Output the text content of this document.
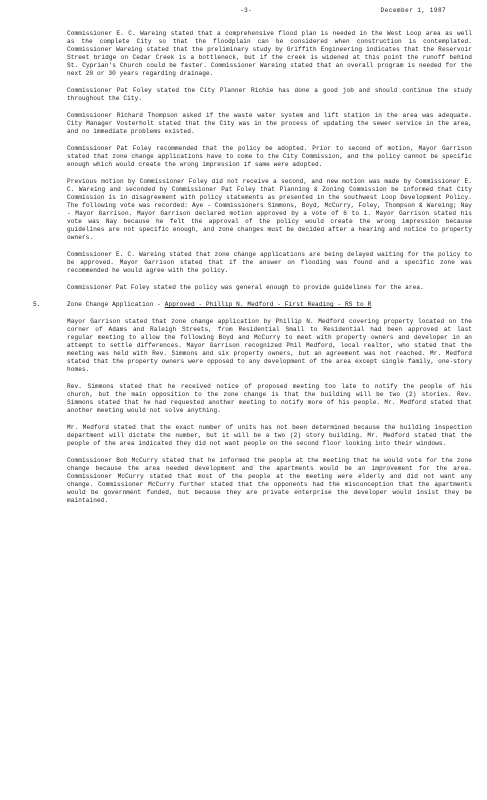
-3-	December 1, 1987

Commissioner E. C. Wareing stated that a comprehensive flood plan is needed in the West Loop area as well as the complete City so that the floodplain can be considered when construction is contemplated. Commissioner Wareing stated that the preliminary study by Griffith Engineering indicates that the Reservoir Street bridge on Cedar Creek is a bottleneck, but if the creek is widened at this point the runoff behind St. Cyprian's Church could be faster. Commissioner Wareing stated that an overall program is needed for the next 20 or 30 years regarding drainage.

Commissioner Pat Foley stated the City Planner Richie has done a good job and should continue the study throughout the City.

Commissioner Richard Thompson asked if the waste water system and lift station in the area was adequate. City Manager Vosterholt stated that the City was in the process of updating the sewer service in the area, and no immediate problems existed.

Commissioner Pat Foley recommended that the policy be adopted. Prior to second of motion, Mayor Garrison stated that zone change applications have to come to the City Commission, and the policy cannot be specific enough which would create the wrong impression if same were adopted.

Previous motion by Commissioner Foley did not receive a second, and new motion was made by Commissioner E. C. Wareing and seconded by Commissioner Pat Foley that Planning & Zoning Commission be informed that City Commission is in disagreement with policy statements as presented in the southwest Loop Development Policy. The following vote was recorded: Aye - Commissioners Simmons, Boyd, McCurry, Foley, Thompson & Wareing; Nay - Mayor Garrison. Mayor Garrison declared motion approved by a vote of 6 to 1. Mayor Garrison stated his vote was Nay because he felt the approval of the policy would create the wrong impression because guidelines are not specific enough, and zone changes must be decided after a hearing and notice to property owners.

Commissioner E. C. Wareing stated that zone change applications are being delayed waiting for the policy to be approved. Mayor Garrison stated that if the answer on flooding was found and a specific zone was recommended he would agree with the policy.

Commissioner Pat Foley stated the policy was general enough to provide guidelines for the area.

5.	Zone Change Application - Approved - Phillip N. Medford - First Reading - RS to R

Mayor Garrison stated that zone change application by Phillip N. Medford covering property located on the corner of Adams and Raleigh Streets, from Residential Small to Residential had been approved at last regular meeting to allow the following Boyd and McCurry to meet with property owners and developer in an attempt to settle differences. Mayor Garrison recognized Phil Medford, local realtor, who stated that the meeting was held with Rev. Simmons and six property owners, but an agreement was not reached. Mr. Medford stated that the property owners were opposed to any development of the area except single family, one-story homes.

Rev. Simmons stated that he received notice of proposed meeting too late to notify the people of his church, but the main opposition to the zone change is that the building will be two (2) stories. Rev. Simmons stated that he had requested another meeting to notify more of his people. Mr. Medford stated that another meeting would not solve anything.

Mr. Medford stated that the exact number of units has not been determined because the building inspection department will dictate the number, but it will be a two (2) story building. Mr. Medford stated that the people of the area indicated they did not want people on the second floor looking into their windows.

Commissioner Bob McCurry stated that he informed the people at the meeting that he would vote for the zone change because the area needed development and the apartments would be an improvement for the area. Commissioner McCurry stated that most of the people at the meeting were elderly and did not want any change. Commissioner McCurry further stated that the opponents had the misconception that the apartments would be government funded, but because they are private enterprise the developer would insist they be maintained.
